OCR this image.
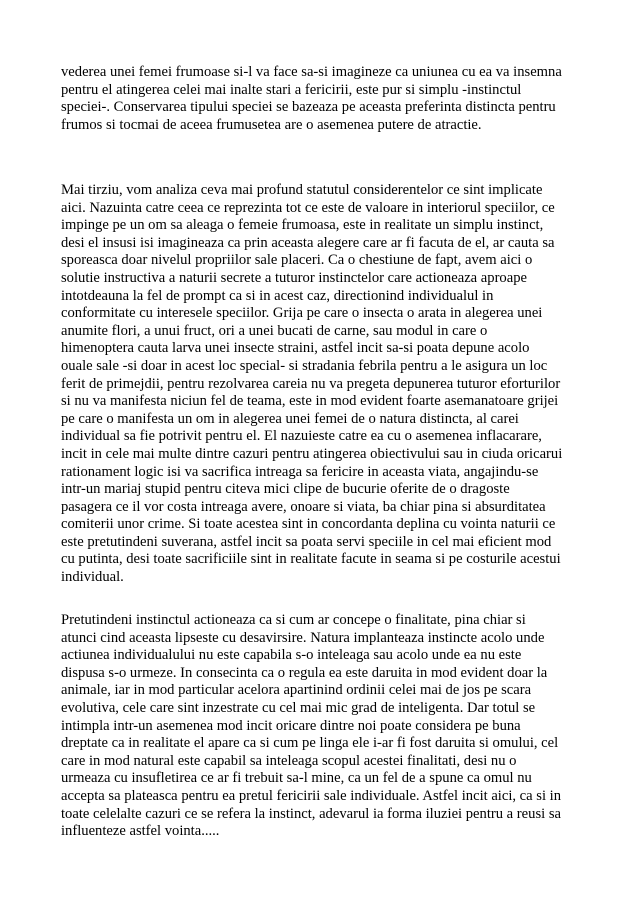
vederea unei femei frumoase si-l va face sa-si imagineze ca uniunea cu ea va insemna
pentru el atingerea celei mai inalte stari a fericirii, este pur si simplu -instinctul
speciei-. Conservarea tipului speciei se bazeaza pe aceasta preferinta distincta pentru
frumos si tocmai de aceea frumusetea are o asemenea putere de atractie.
Mai tirziu, vom analiza ceva mai profund statutul considerentelor ce sint implicate
aici. Nazuinta catre ceea ce reprezinta tot ce este de valoare in interiorul speciilor, ce
impinge pe un om sa aleaga o femeie frumoasa, este in realitate un simplu instinct,
desi el insusi isi imagineaza ca prin aceasta alegere care ar fi facuta de el, ar cauta sa
sporeasca doar nivelul propriilor sale placeri. Ca o chestiune de fapt, avem aici o
solutie instructiva a naturii secrete a tuturor instinctelor care actioneaza aproape
intotdeauna la fel de prompt ca si in acest caz, directionind individualul in
conformitate cu interesele speciilor. Grija pe care o insecta o arata in alegerea unei
anumite flori, a unui fruct, ori a unei bucati de carne, sau modul in care o
himenoptera cauta larva unei insecte straini, astfel incit sa-si poata depune acolo
ouale sale -si doar in acest loc special- si stradania febrila pentru a le asigura un loc
ferit de primejdii, pentru rezolvarea careia nu va pregeta depunerea tuturor eforturilor
si nu va manifesta niciun fel de teama, este in mod evident foarte asemanatoare grijei
pe care o manifesta un om in alegerea unei femei de o natura distincta, al carei
individual sa fie potrivit pentru el. El nazuieste catre ea cu o asemenea inflacarare,
incit in cele mai multe dintre cazuri pentru atingerea obiectivului sau in ciuda oricarui
rationament logic isi va sacrifica intreaga sa fericire in aceasta viata, angajindu-se
intr-un mariaj stupid pentru citeva mici clipe de bucurie oferite de o dragoste
pasagera ce il vor costa intreaga avere, onoare si viata, ba chiar pina si absurditatea
comiterii unor crime. Si toate acestea sint in concordanta deplina cu vointa naturii ce
este pretutindeni suverana, astfel incit sa poata servi speciile in cel mai eficient mod
cu putinta, desi toate sacrificiile sint in realitate facute in seama si pe costurile acestui
individual.
Pretutindeni instinctul actioneaza ca si cum ar concepe o finalitate, pina chiar si
atunci cind aceasta lipseste cu desavirsire. Natura implanteaza instincte acolo unde
actiunea individualului nu este capabila s-o inteleaga sau acolo unde ea nu este
dispusa s-o urmeze. In consecinta ca o regula ea este daruita in mod evident doar la
animale, iar in mod particular acelora apartinind ordinii celei mai de jos pe scara
evolutiva, cele care sint inzestrate cu cel mai mic grad de inteligenta. Dar totul se
intimpla intr-un asemenea mod incit oricare dintre noi poate considera pe buna
dreptate ca in realitate el apare ca si cum pe linga ele i-ar fi fost daruita si omului, cel
care in mod natural este capabil sa inteleaga scopul acestei finalitati, desi nu o
urmeaza cu insufletirea ce ar fi trebuit sa-l mine, ca un fel de a spune ca omul nu
accepta sa plateasca pentru ea pretul fericirii sale individuale. Astfel incit aici, ca si in
toate celelalte cazuri ce se refera la instinct, adevarul ia forma iluziei pentru a reusi sa
influenteze astfel vointa.....
